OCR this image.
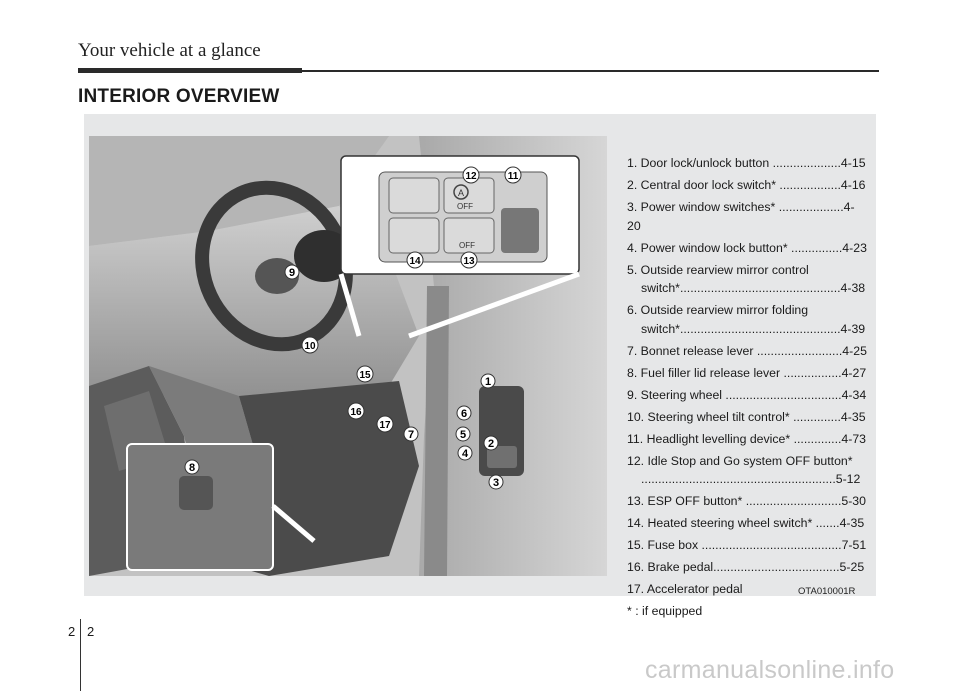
Your vehicle at a glance
INTERIOR OVERVIEW
A
OFF
OFF
1
2
3
4
5
6
7
8
9
10
11
12
13
14
15
16
17
1. Door lock/unlock button ....................4-15
2. Central door lock switch* ..................4-16
3. Power window switches* ...................4-20
4. Power window lock button* ...............4-23
5. Outside rearview mirror control
switch*...............................................4-38
6. Outside rearview mirror folding
switch*...............................................4-39
7. Bonnet release lever .........................4-25
8. Fuel filler lid release lever .................4-27
9. Steering wheel ..................................4-34
10. Steering wheel tilt control* ..............4-35
11. Headlight levelling device* ..............4-73
12. Idle Stop and Go system OFF button*
.........................................................5-12
13. ESP OFF button* ............................5-30
14. Heated steering wheel switch* .......4-35
15. Fuse box .........................................7-51
16. Brake pedal.....................................5-25
17. Accelerator pedal
* : if equipped
OTA010001R
2 2
carmanualsonline.info
